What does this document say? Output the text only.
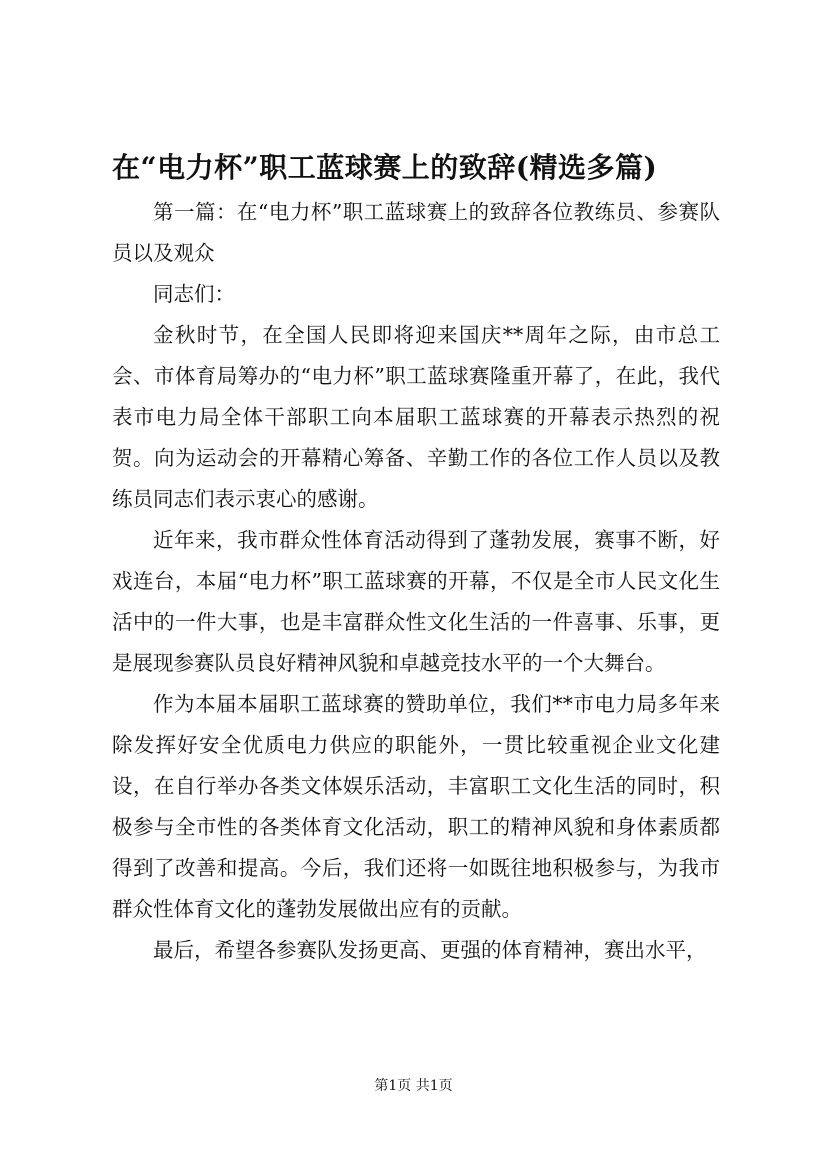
在“电力杯”职工蓝球赛上的致辞(精选多篇)

第一篇：在“电力杯”职工蓝球赛上的致辞各位教练员、参赛队员以及观众

同志们：

金秋时节，在全国人民即将迎来国庆**周年之际，由市总工会、市体育局筹办的“电力杯”职工蓝球赛隆重开幕了，在此，我代表市电力局全体干部职工向本届职工蓝球赛的开幕表示热烈的祝贺。向为运动会的开幕精心筹备、辛勤工作的各位工作人员以及教练员同志们表示衷心的感谢。

近年来，我市群众性体育活动得到了蓬勃发展，赛事不断，好戏连台，本届“电力杯”职工蓝球赛的开幕，不仅是全市人民文化生活中的一件大事，也是丰富群众性文化生活的一件喜事、乐事，更是展现参赛队员良好精神风貌和卓越竞技水平的一个大舞台。

作为本届本届职工蓝球赛的赞助单位，我们**市电力局多年来除发挥好安全优质电力供应的职能外，一贯比较重视企业文化建设，在自行举办各类文体娱乐活动，丰富职工文化生活的同时，积极参与全市性的各类体育文化活动，职工的精神风貌和身体素质都得到了改善和提高。今后，我们还将一如既往地积极参与，为我市群众性体育文化的蓬勃发展做出应有的贡献。

最后，希望各参赛队发扬更高、更强的体育精神，赛出水平，

第1页 共1页
